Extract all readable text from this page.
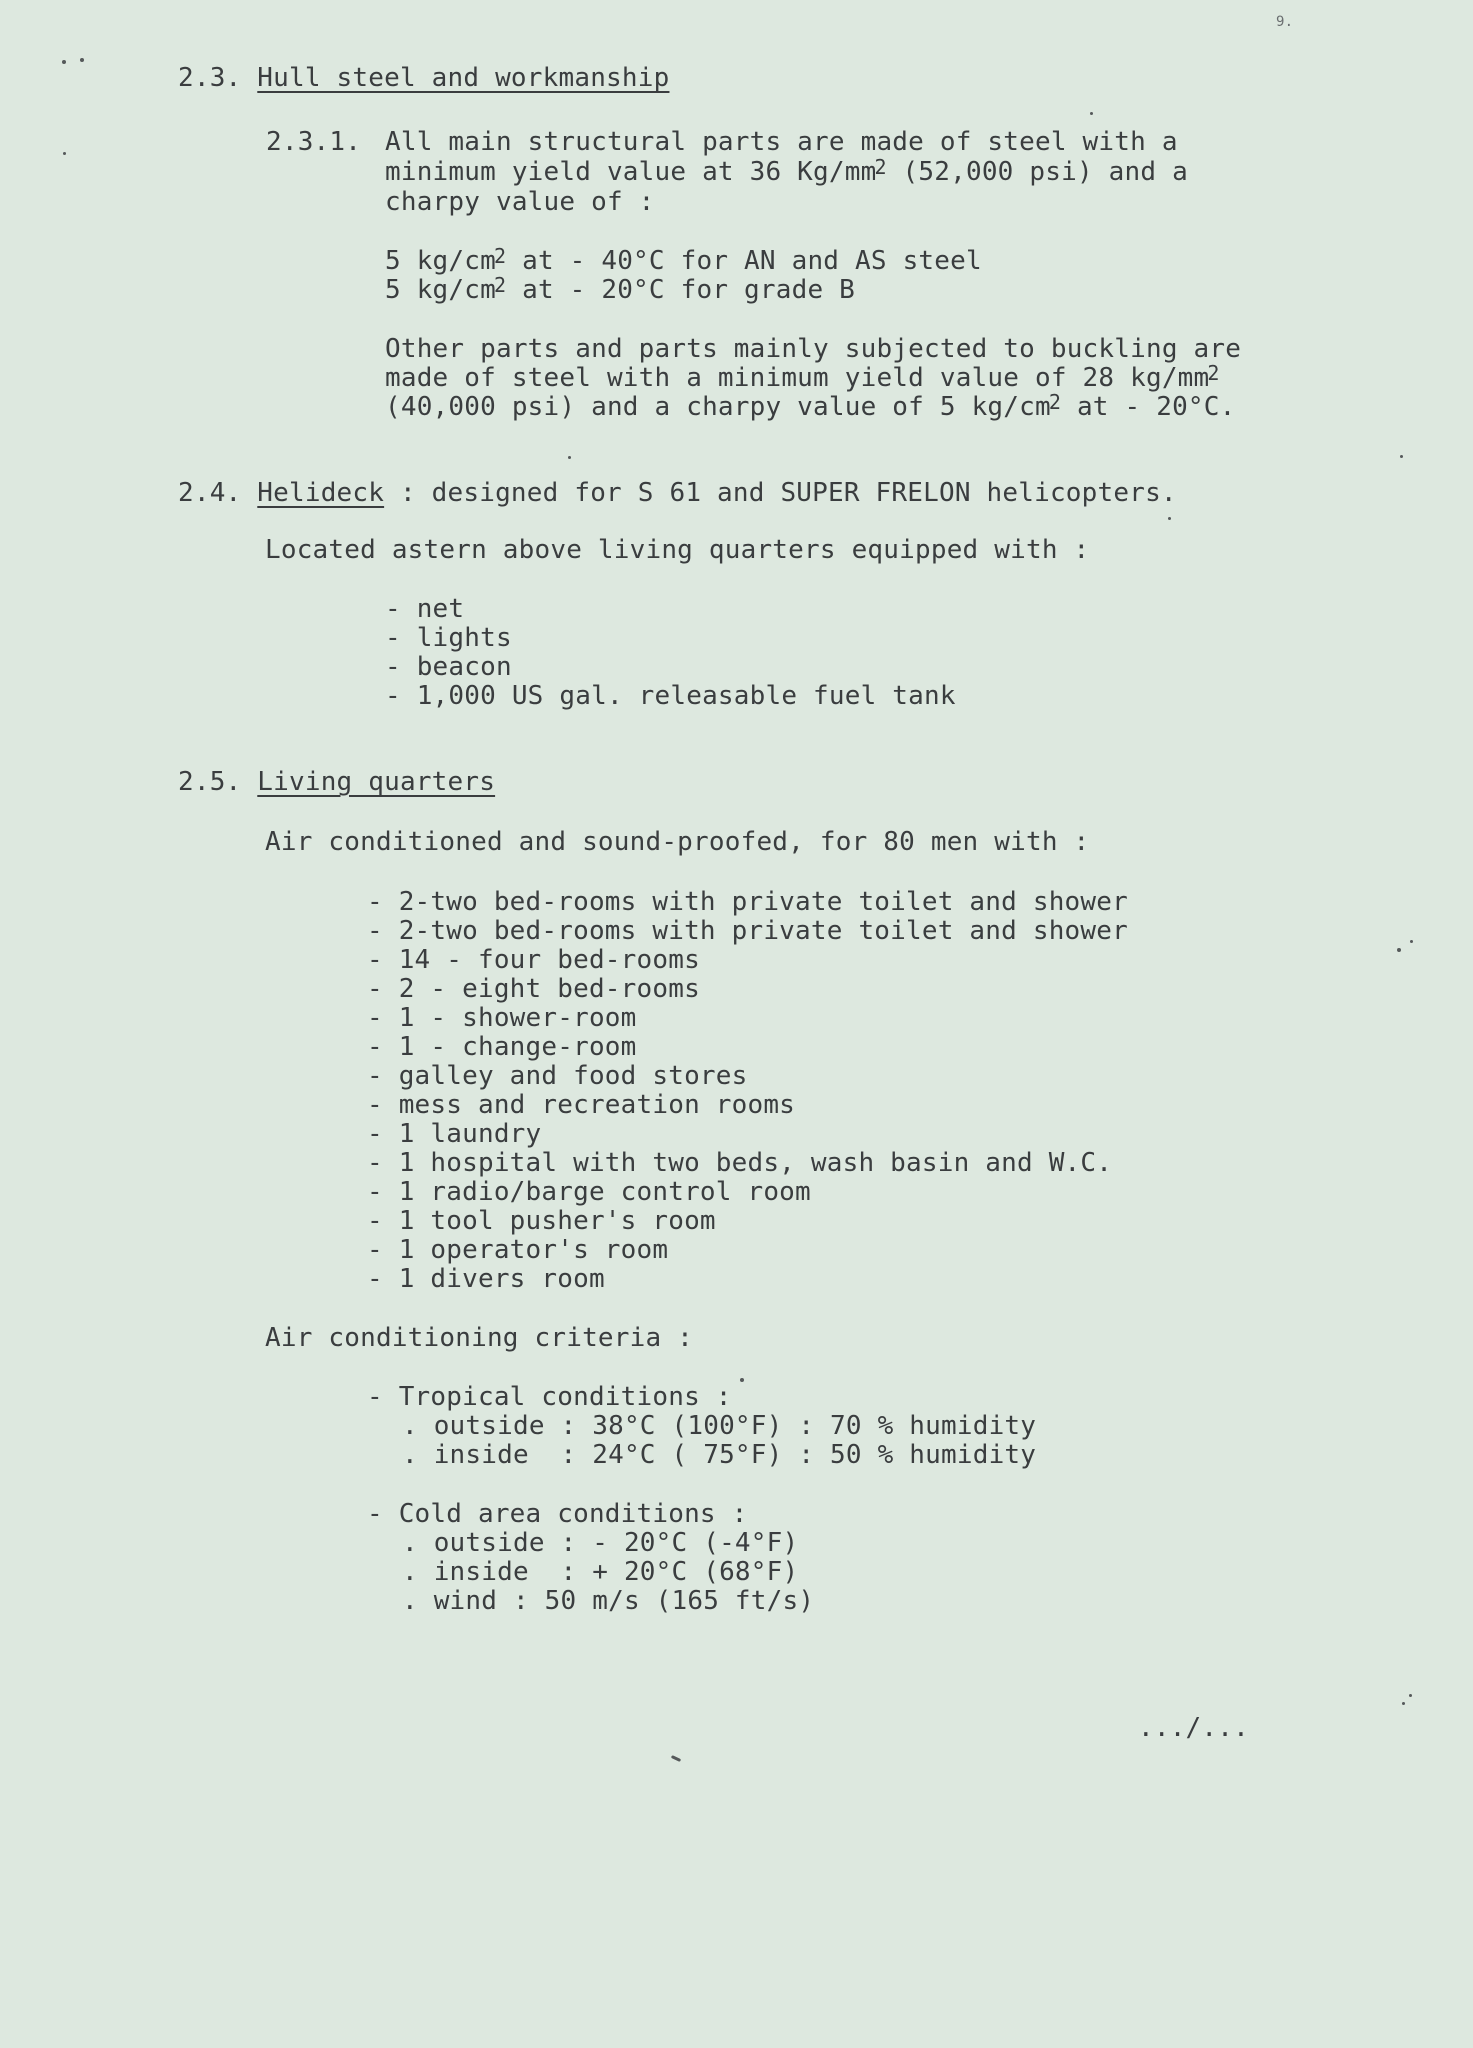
9.
2.3. Hull steel and workmanship
2.3.1. All main structural parts are made of steel with a
minimum yield value at 36 $Kg/mm^2$ (52,000 psi) and a
charpy value of :
5 $kg/cm^2$ at - 40°C for AN and AS steel
5 $kg/cm^2$ at - 20°C for grade B
Other parts and parts mainly subjected to buckling are
made of steel with a minimum yield value of 28 $kg/mm^2$
(40,000 psi) and a charpy value of 5 $kg/cm^2$ at - 20°C.
2.4. Helideck : designed for S 61 and SUPER FRELON helicopters.
Located astern above living quarters equipped with :
- net
- lights
- beacon
- 1,000 US gal. releasable fuel tank
2.5. Living quarters
Air conditioned and sound-proofed, for 80 men with :
- 2-two bed-rooms with private toilet and shower
- 2-two bed-rooms with private toilet and shower
- 14 - four bed-rooms
- 2 - eight bed-rooms
- 1 - shower-room
- 1 - change-room
- galley and food stores
- mess and recreation rooms
- 1 laundry
- 1 hospital with two beds, wash basin and W.C.
- 1 radio/barge control room
- 1 tool pusher's room
- 1 operator's room
- 1 divers room
Air conditioning criteria :
- Tropical conditions :
. outside : 38°C (100°F) : 70 % humidity
. inside  : 24°C ( 75°F) : 50 % humidity
- Cold area conditions :
. outside : - 20°C (-4°F)
. inside  : + 20°C (68°F)
. wind : 50 m/s (165 ft/s)
.../...
